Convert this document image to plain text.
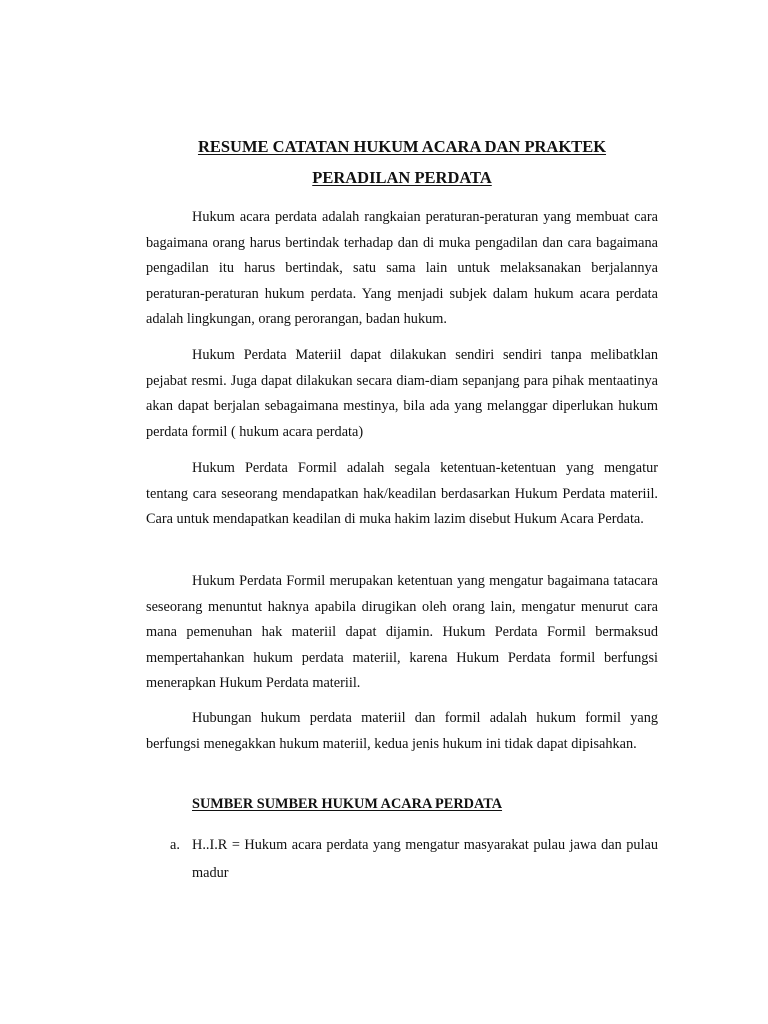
RESUME CATATAN HUKUM ACARA DAN PRAKTEK
PERADILAN PERDATA

Hukum acara perdata adalah rangkaian peraturan-peraturan yang membuat cara bagaimana orang harus bertindak terhadap dan di muka pengadilan dan cara bagaimana pengadilan itu harus bertindak, satu sama lain untuk melaksanakan berjalannya peraturan-peraturan hukum perdata. Yang menjadi subjek dalam hukum acara perdata adalah lingkungan, orang perorangan, badan hukum.

Hukum Perdata Materiil dapat dilakukan sendiri sendiri tanpa melibatklan pejabat resmi. Juga dapat dilakukan secara diam-diam sepanjang para pihak mentaatinya akan dapat berjalan sebagaimana mestinya, bila ada yang melanggar diperlukan hukum perdata formil ( hukum acara perdata)

Hukum Perdata Formil adalah segala ketentuan-ketentuan yang mengatur tentang cara seseorang mendapatkan hak/keadilan berdasarkan Hukum Perdata materiil. Cara untuk mendapatkan keadilan di muka hakim lazim disebut Hukum Acara Perdata.

Hukum Perdata Formil merupakan ketentuan yang mengatur bagaimana tatacara seseorang menuntut haknya apabila dirugikan oleh orang lain, mengatur menurut cara mana pemenuhan hak materiil dapat dijamin. Hukum Perdata Formil bermaksud mempertahankan hukum perdata materiil, karena Hukum Perdata formil berfungsi menerapkan Hukum Perdata materiil.

Hubungan hukum perdata materiil dan formil adalah hukum formil yang berfungsi menegakkan hukum materiil, kedua jenis hukum ini tidak dapat dipisahkan.

SUMBER SUMBER HUKUM ACARA PERDATA
a. H..I.R = Hukum acara perdata yang mengatur masyarakat pulau jawa dan pulau madur
